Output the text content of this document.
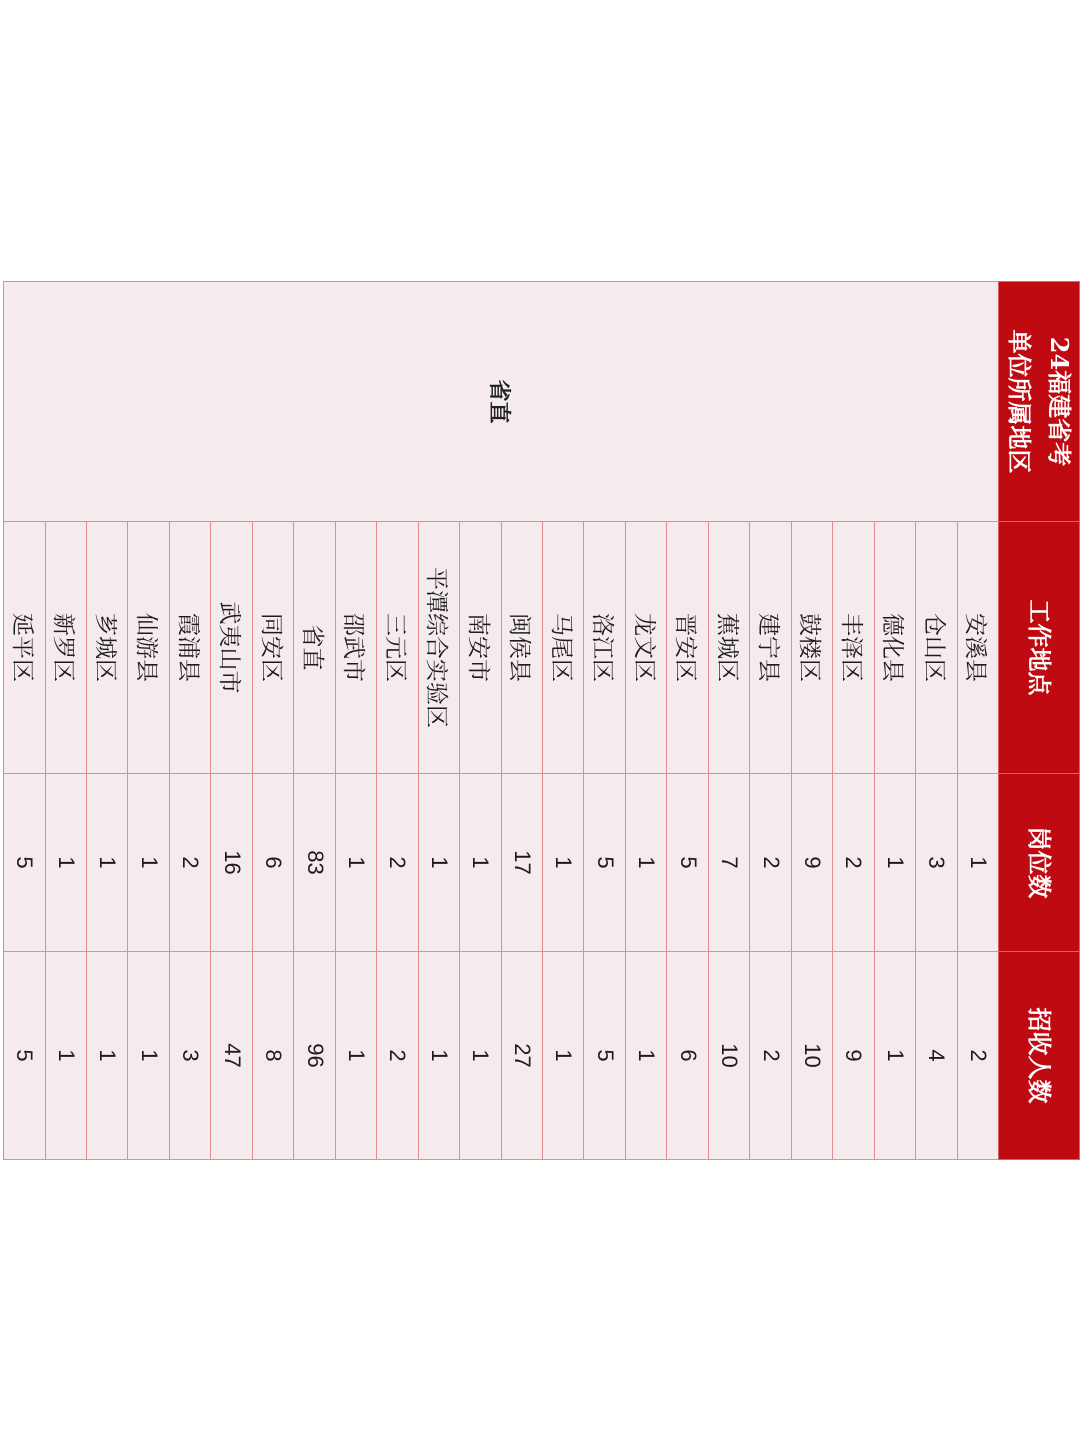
24福建省考
单位所属地区	工作地点	岗位数	招收人数
省直	安溪县	1	2
	仓山区	3	4
	德化县	1	1
	丰泽区	2	9
	鼓楼区	9	10
	建宁县	2	2
	蕉城区	7	10
	晋安区	5	6
	龙文区	1	1
	洛江区	5	5
	马尾区	1	1
	闽侯县	17	27
	南安市	1	1
	平潭综合实验区	1	1
	三元区	2	2
	邵武市	1	1
	省直	83	96
	同安区	6	8
	武夷山市	16	47
	霞浦县	2	3
	仙游县	1	1
	芗城区	1	1
	新罗区	1	1
	延平区	5	5
